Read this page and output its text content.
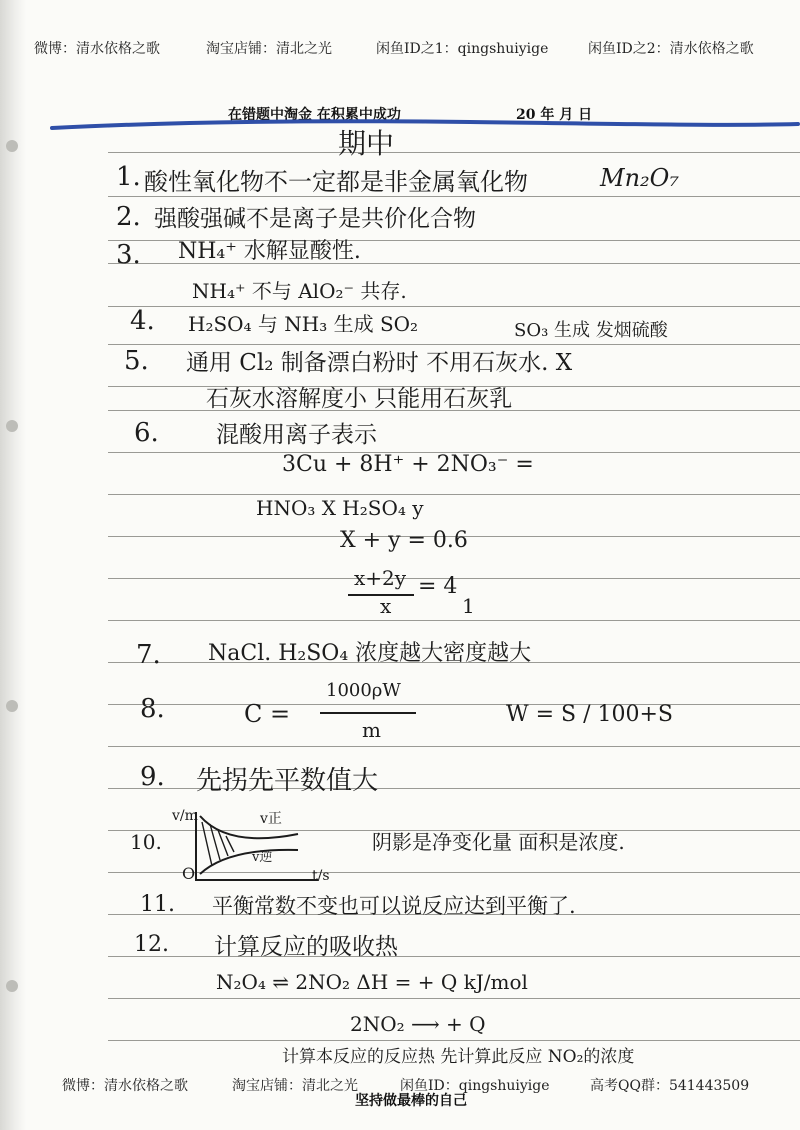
微博：清水依格之歌	淘宝店铺：清北之光	闲鱼ID之1：qingshuiyige	闲鱼ID之2：清水依格之歌
在错题中淘金 在积累中成功	20 年 月 日
期中
1. 酸性氧化物不一定都是非金属氧化物	Mn₂O₇
2. 强酸强碱不是离子是共价化合物
3. NH₄⁺ 水解显酸性.
NH₄⁺ 不与 AlO₂⁻ 共存.
4. H₂SO₄ 与 NH₃ 生成 SO₂	SO₃ 生成 发烟硫酸
5. 通用 Cl₂ 制备漂白粉时 不用石灰水. X
石灰水溶解度小 只能用石灰乳
6. 混酸用离子表示
3Cu + 8H⁺ + 2NO₃⁻ =
HNO₃ X H₂SO₄ y
X + y = 0.6
x+2y = 4
x	1
7. NaCl. H₂SO₄ 浓度越大密度越大
8.	C =
1000ρW
m
W = S / 100+S
9. 先拐先平数值大
10.
v/m	v正
v逆
O	t/s
阴影是净变化量 面积是浓度.
11. 平衡常数不变也可以说反应达到平衡了.
12. 计算反应的吸收热
N₂O₄ ⇌ 2NO₂ ΔH = + Q kJ/mol
2NO₂ ⟶ + Q
计算本反应的反应热 先计算此反应 NO₂的浓度
微博：清水依格之歌	淘宝店铺：清北之光	闲鱼ID：qingshuiyige	高考QQ群：541443509
坚持做最棒的自己
